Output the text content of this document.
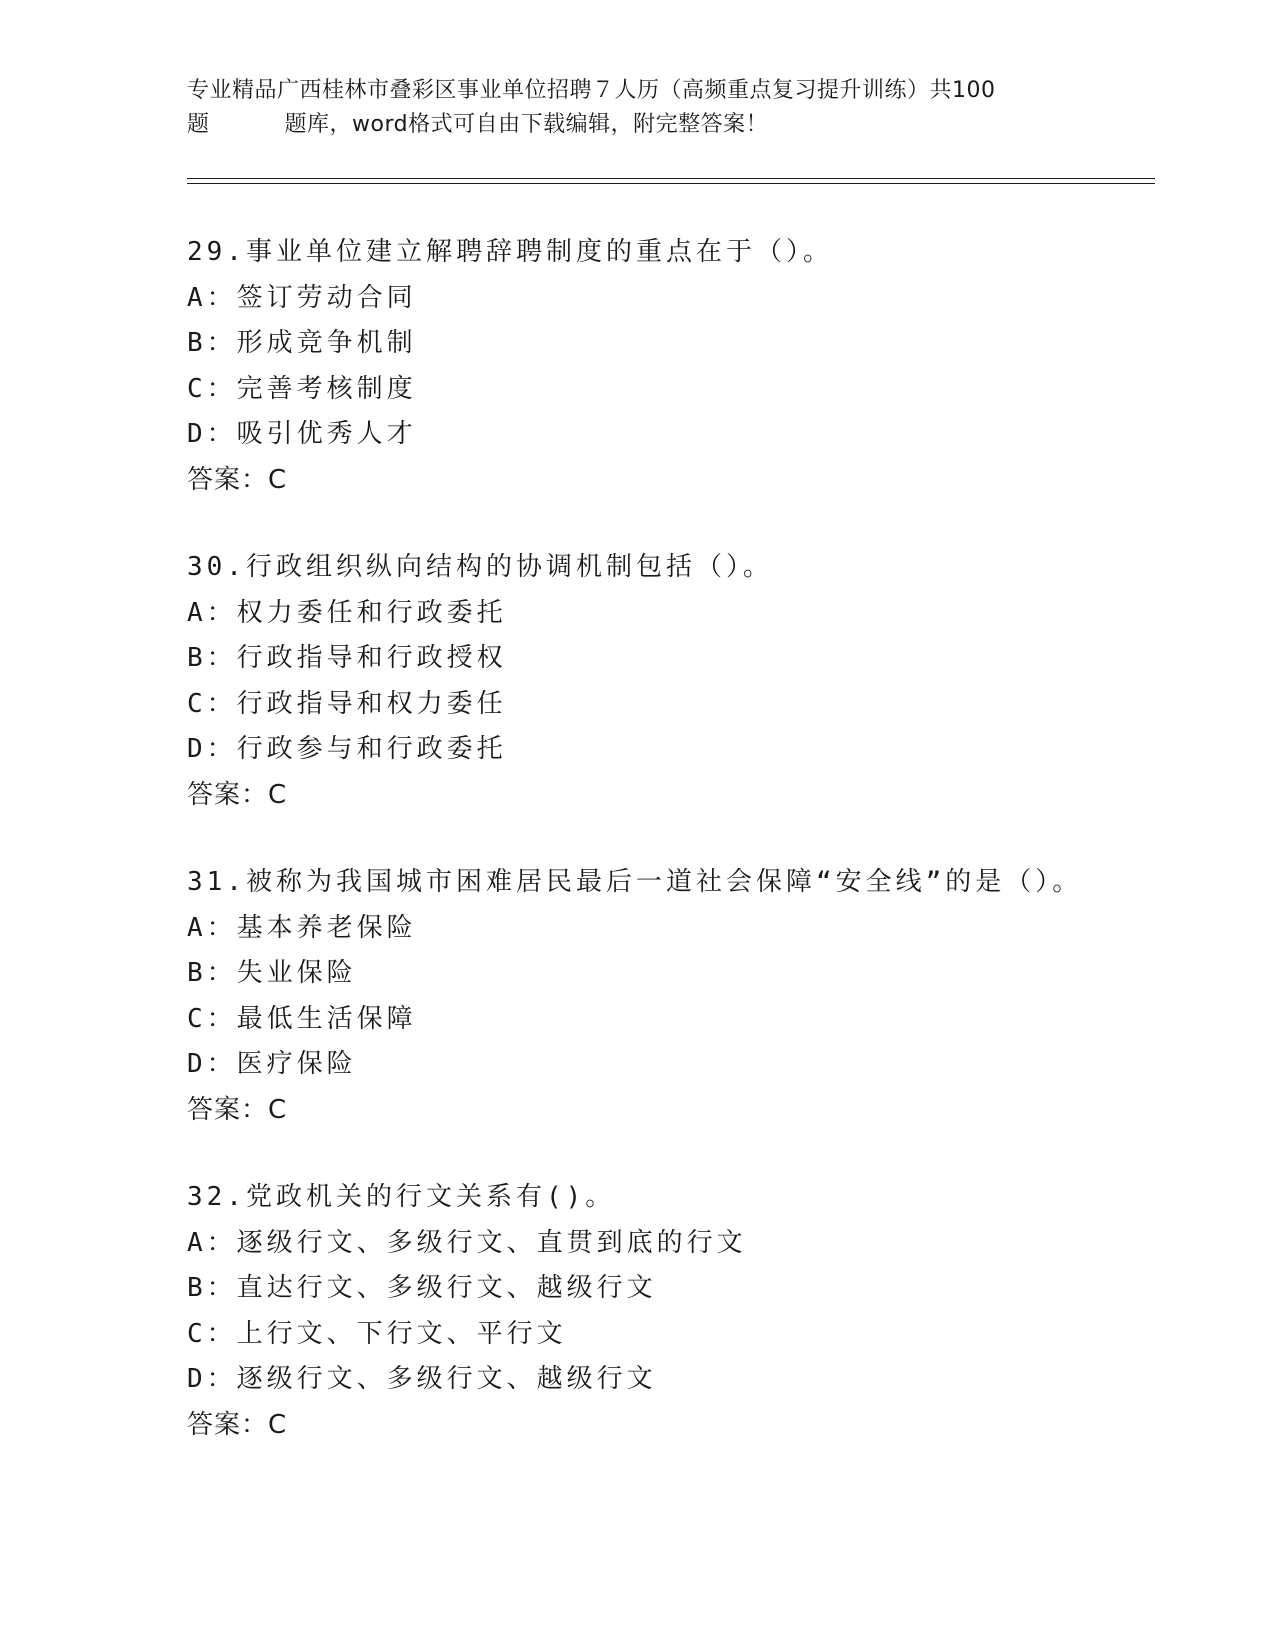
专业精品广西桂林市叠彩区事业单位招聘７人历（高频重点复习提升训练）共100
题	题库，word格式可自由下载编辑，附完整答案！
29.事业单位建立解聘辞聘制度的重点在于（）。
A：签订劳动合同
B：形成竞争机制
C：完善考核制度
D：吸引优秀人才
答案：C
30.行政组织纵向结构的协调机制包括（）。
A：权力委任和行政委托
B：行政指导和行政授权
C：行政指导和权力委任
D：行政参与和行政委托
答案：C
31.被称为我国城市困难居民最后一道社会保障“安全线”的是（）。
A：基本养老保险
B：失业保险
C：最低生活保障
D：医疗保险
答案：C
32.党政机关的行文关系有()。
A：逐级行文、多级行文、直贯到底的行文
B：直达行文、多级行文、越级行文
C：上行文、下行文、平行文
D：逐级行文、多级行文、越级行文
答案：C
